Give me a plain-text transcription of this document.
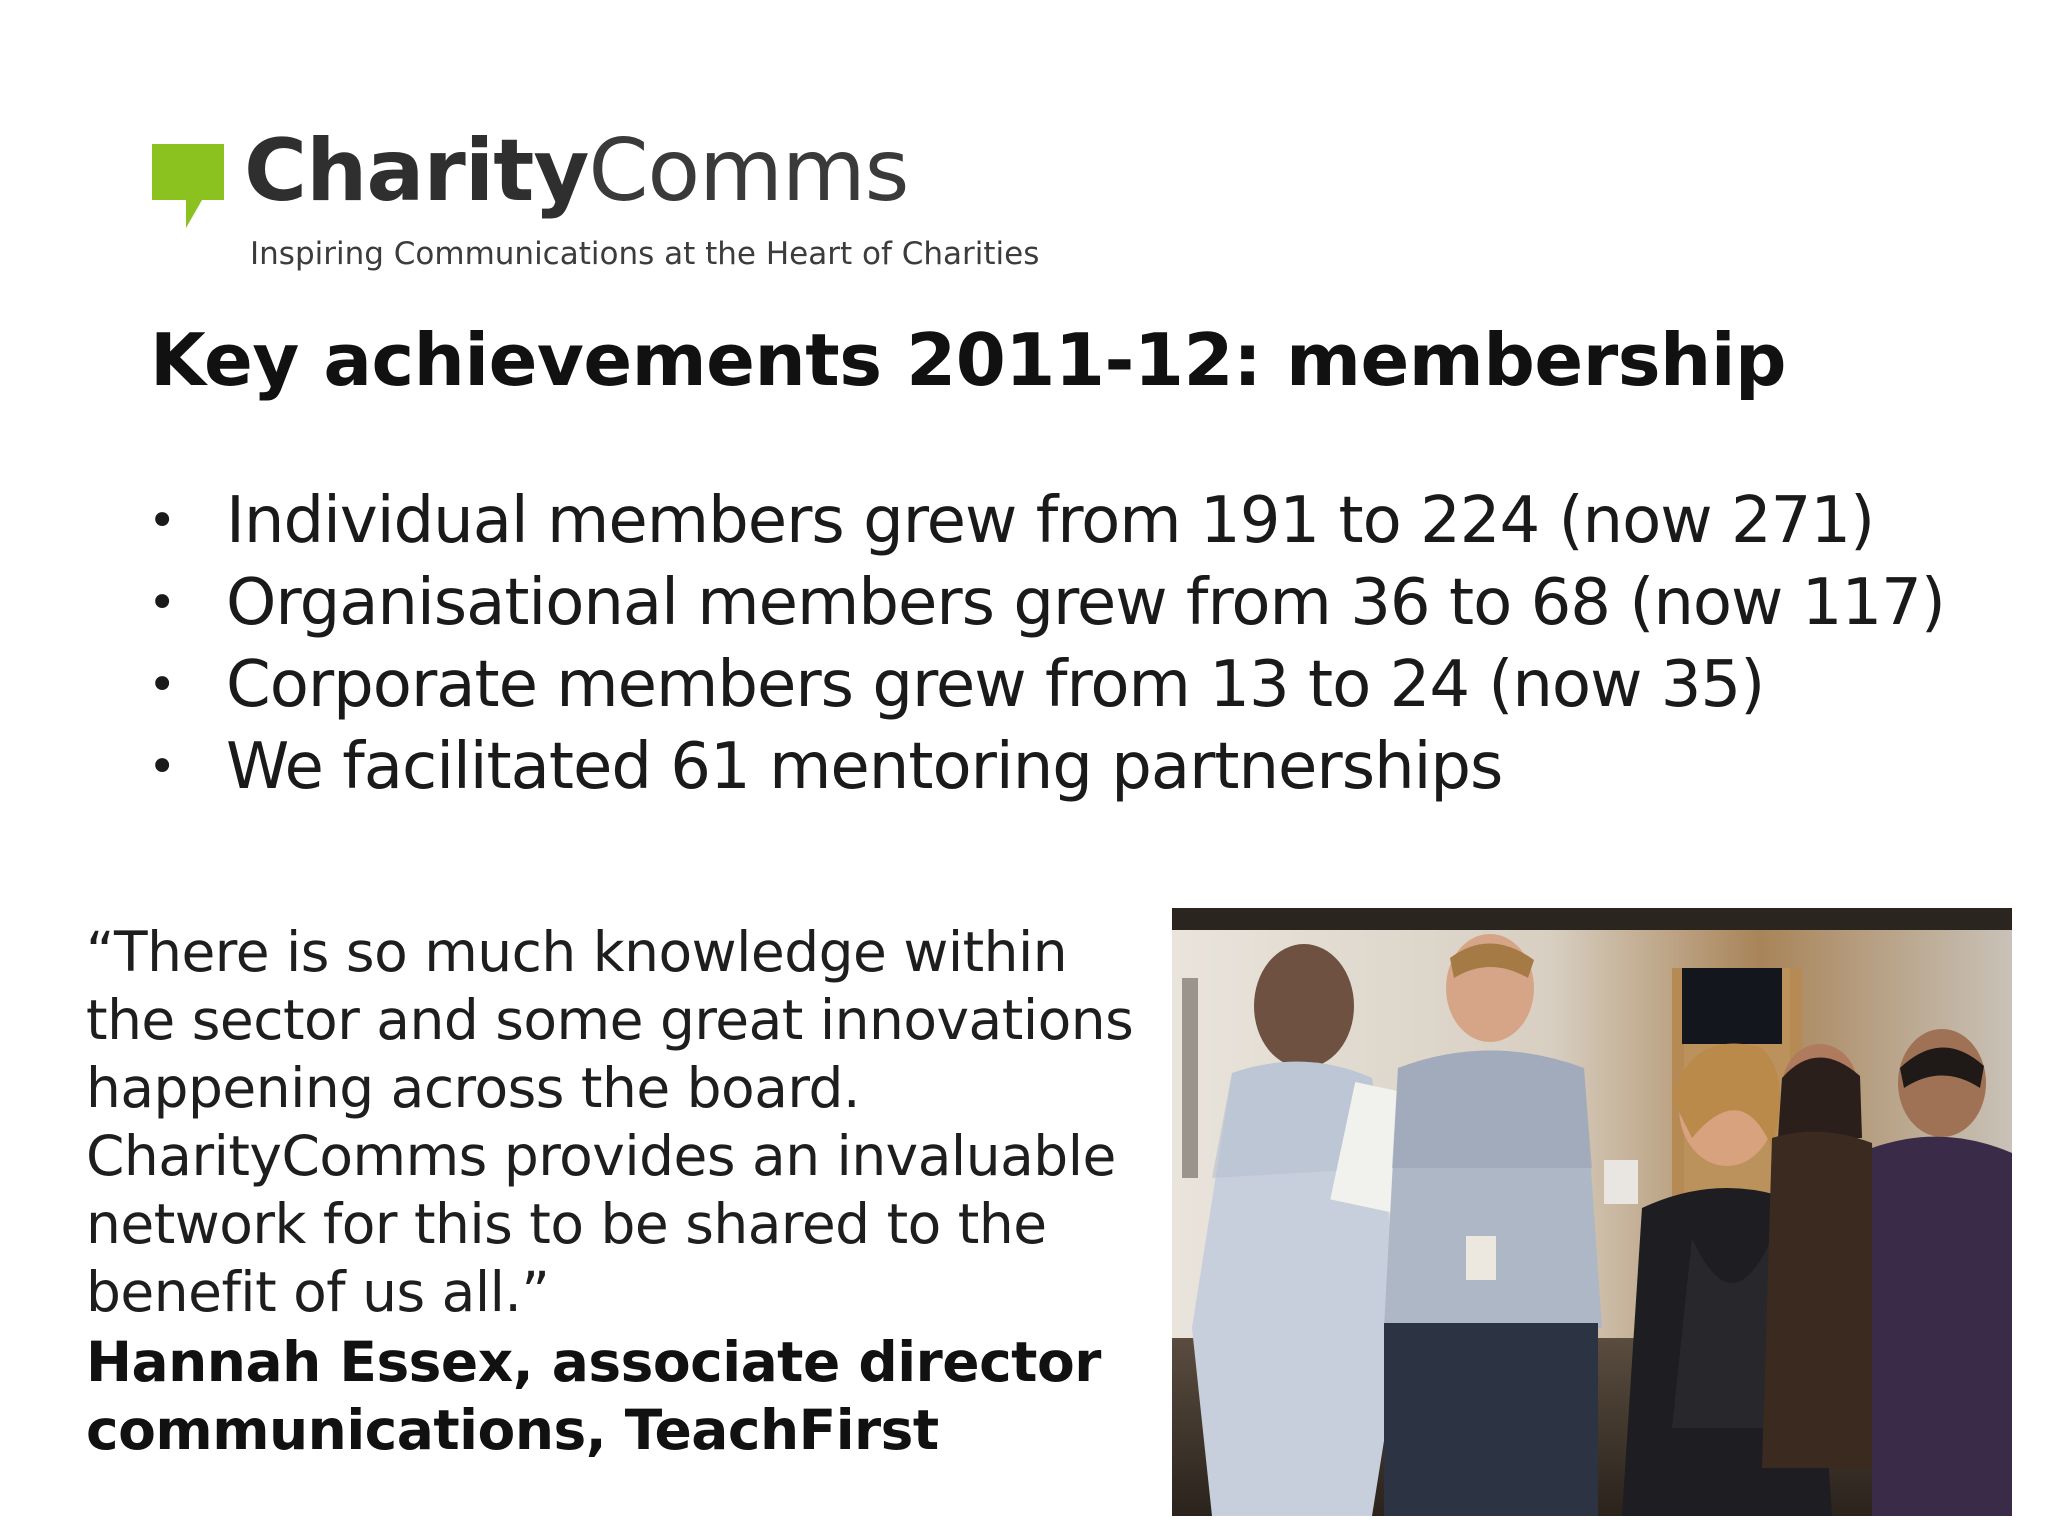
CharityComms
Inspiring Communications at the Heart of Charities
Key achievements 2011-12: membership
• Individual members grew from 191 to 224 (now 271)
• Organisational members grew from 36 to 68 (now 117)
• Corporate members grew from 13 to 24 (now 35)
• We facilitated 61 mentoring partnerships
“There is so much knowledge within the sector and some great innovations happening across the board. CharityComms provides an invaluable network for this to be shared to the benefit of us all.”
Hannah Essex, associate director communications, TeachFirst
